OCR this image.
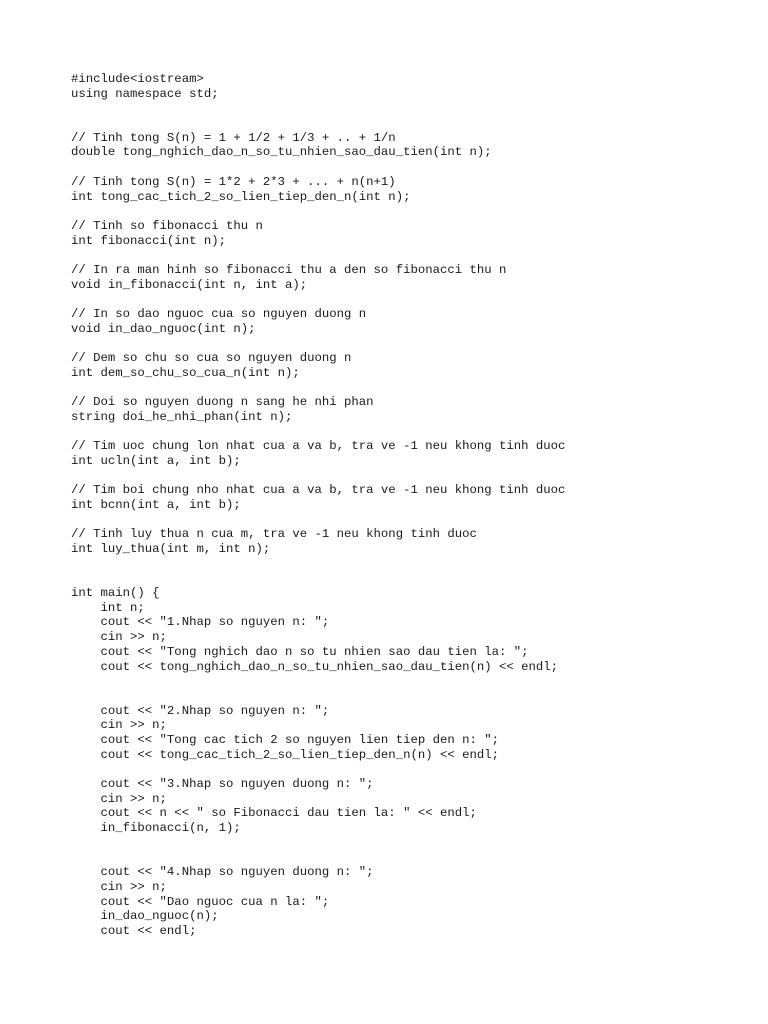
#include<iostream>
using namespace std;
// Tinh tong S(n) = 1 + 1/2 + 1/3 + .. + 1/n
double tong_nghich_dao_n_so_tu_nhien_sao_dau_tien(int n);
// Tinh tong S(n) = 1*2 + 2*3 + ... + n(n+1)
int tong_cac_tich_2_so_lien_tiep_den_n(int n);
// Tinh so fibonacci thu n
int fibonacci(int n);
// In ra man hinh so fibonacci thu a den so fibonacci thu n
void in_fibonacci(int n, int a);
// In so dao nguoc cua so nguyen duong n
void in_dao_nguoc(int n);
// Dem so chu so cua so nguyen duong n
int dem_so_chu_so_cua_n(int n);
// Doi so nguyen duong n sang he nhi phan
string doi_he_nhi_phan(int n);
// Tim uoc chung lon nhat cua a va b, tra ve -1 neu khong tinh duoc
int ucln(int a, int b);
// Tim boi chung nho nhat cua a va b, tra ve -1 neu khong tinh duoc
int bcnn(int a, int b);
// Tinh luy thua n cua m, tra ve -1 neu khong tinh duoc
int luy_thua(int m, int n);
int main() {
int n;
cout << "1.Nhap so nguyen n: ";
cin >> n;
cout << "Tong nghich dao n so tu nhien sao dau tien la: ";
cout << tong_nghich_dao_n_so_tu_nhien_sao_dau_tien(n) << endl;
cout << "2.Nhap so nguyen n: ";
cin >> n;
cout << "Tong cac tich 2 so nguyen lien tiep den n: ";
cout << tong_cac_tich_2_so_lien_tiep_den_n(n) << endl;
cout << "3.Nhap so nguyen duong n: ";
cin >> n;
cout << n << " so Fibonacci dau tien la: " << endl;
in_fibonacci(n, 1);
cout << "4.Nhap so nguyen duong n: ";
cin >> n;
cout << "Dao nguoc cua n la: ";
in_dao_nguoc(n);
cout << endl;
